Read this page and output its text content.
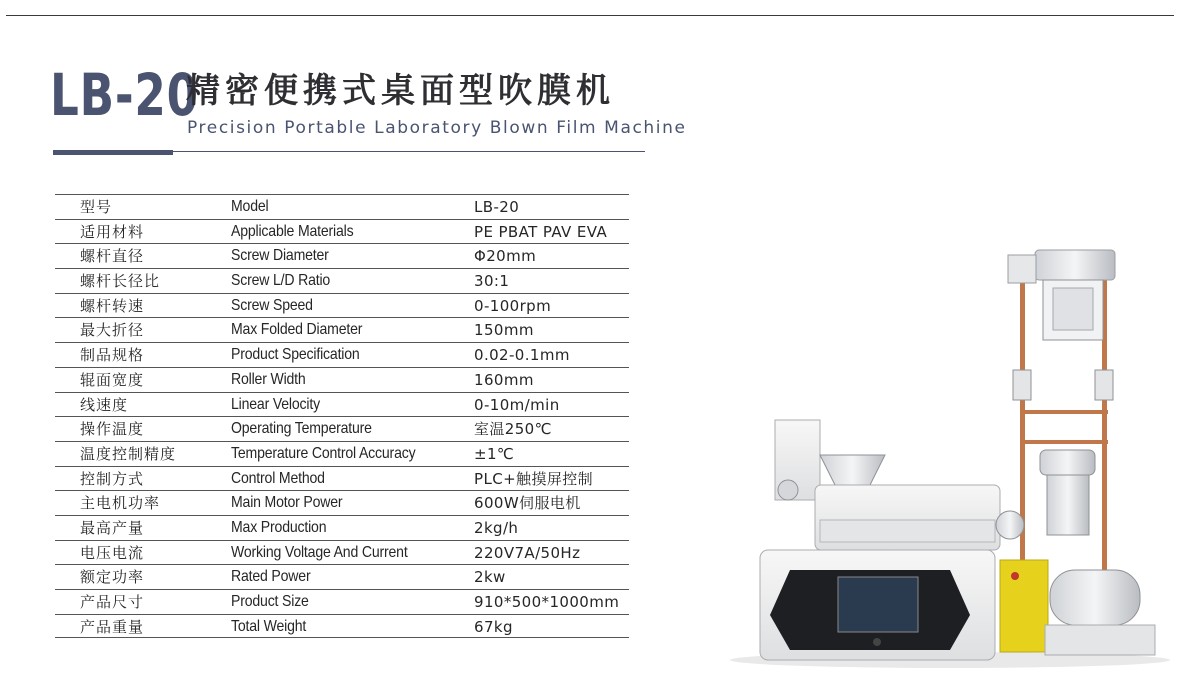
LB-20
精密便携式桌面型吹膜机
Precision Portable Laboratory Blown Film Machine
型号	Model	LB-20
适用材料	Applicable Materials	PE PBAT PAV EVA
螺杆直径	Screw Diameter	Φ20mm
螺杆长径比	Screw L/D Ratio	30:1
螺杆转速	Screw Speed	0-100rpm
最大折径	Max Folded Diameter	150mm
制品规格	Product Specification	0.02-0.1mm
辊面宽度	Roller Width	160mm
线速度	Linear Velocity	0-10m/min
操作温度	Operating Temperature	室温250℃
温度控制精度	Temperature Control Accuracy	±1℃
控制方式	Control Method	PLC+触摸屏控制
主电机功率	Main Motor Power	600W伺服电机
最高产量	Max Production	2kg/h
电压电流	Working Voltage And Current	220V7A/50Hz
额定功率	Rated Power	2kw
产品尺寸	Product Size	910*500*1000mm
产品重量	Total Weight	67kg
